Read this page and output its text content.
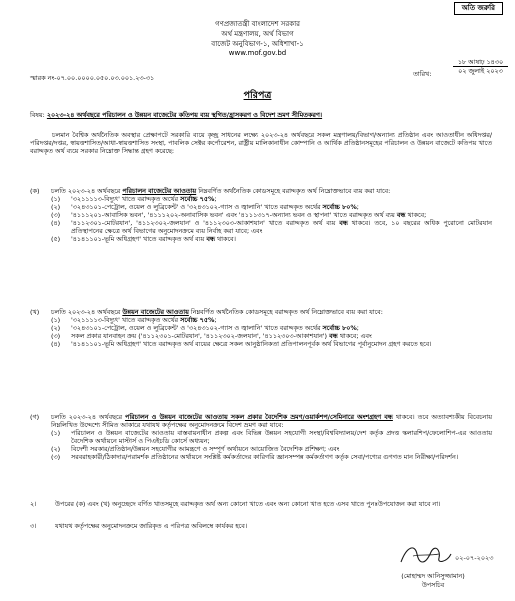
অতি জরুরি
গণপ্রজাতন্ত্রী বাংলাদেশ সরকার
অর্থ মন্ত্রণালয়, অর্থ বিভাগ
বাজেট অনুবিভাগ-১, অধিশাখা-১
www.mof.gov.bd
তারিখ:
১৮ আষাঢ় ১৪৩০
০২ জুলাই ২০২৩
স্মারক নং-০৭.০০.০০০০.০৫০.০৩.০০১.২৩-৩১
পরিপত্র
বিষয়: ২০২৩-২৪ অর্থবছরে পরিচালন ও উন্নয়ন বাজেটের কতিপয় ব্যয় স্থগিত/হ্রাসকরণ ও বিদেশ ভ্রমণ সীমিতকরণ।
চলমান বৈশ্বিক অর্থনৈতিক অবস্থার প্রেক্ষাপটে সরকারি ব্যয়ে কৃচ্ছ্র সাধনের লক্ষ্যে ২০২৩-২৪ অর্থবছরে সকল মন্ত্রণালয়/বিভাগ/অন্যান্য প্রতিষ্ঠান এবং আওতাধীন অধিদপ্তর/পরিদপ্তর/দপ্তর, স্বায়ত্তশাসিত/আধা-স্বায়ত্তশাসিত সংস্থা, পাবলিক সেক্টর কর্পোরেশন, রাষ্ট্রীয় মালিকানাধীন কোম্পানি ও আর্থিক প্রতিষ্ঠানসমূহের পরিচালন ও উন্নয়ন বাজেটে কতিপয় খাতে বরাদ্দকৃত অর্থ ব্যয়ে সরকার নিম্নোক্ত সিদ্ধান্ত গ্রহণ করেছে:
(ক)	চলতি ২০২৩-২৪ অর্থবছরে পরিচালন বাজেটের আওতায় নিম্নবর্ণিত অর্থনৈতিক কোডসমূহে বরাদ্দকৃত অর্থ নিম্নোক্তভাবে ব্যয় করা যাবে:
(১) '৩২১১১১৩-বিদ্যুৎ' খাতে বরাদ্দকৃত অর্থের সর্বোচ্চ ৭৫%;
(২) '৩২৪৩১০১-পেট্রোল, ওয়েল ও লুব্রিকেন্ট' ও '৩২৪৩১০২-গ্যাস ও জ্বালানি' খাতে বরাদ্দকৃত অর্থের সর্বোচ্চ ৮০%;
(৩) '৪১১১২০১-আবাসিক ভবন', '৪১১১২০২-অনাবাসিক ভবন' এবং '৪১১১৩১৭-অন্যান্য ভবন ও স্থাপনা' খাতে বরাদ্দকৃত অর্থ ব্যয় বন্ধ থাকবে;
(৪) '৪১১২৩০১-মোটরযান', '৪১১২৩০২-জলযান' ও '৪১১২৩০৩-আকাশযান' খাতে বরাদ্দকৃত অর্থ ব্যয় বন্ধ থাকবে। তবে, ১০ বছরের অধিক পুরোনো মোটরযান প্রতিস্থাপনের ক্ষেত্রে অর্থ বিভাগের অনুমোদনক্রমে ব্যয় নির্বাহ করা যাবে; এবং
(৫) '৪১৪১১০১-ভূমি অধিগ্রহণ' খাতে বরাদ্দকৃত অর্থ ব্যয় বন্ধ থাকবে।
(খ)	চলতি ২০২৩-২৪ অর্থবছরে উন্নয়ন বাজেটের আওতায় নিম্নবর্ণিত অর্থনৈতিক কোডসমূহে বরাদ্দকৃত অর্থ নিম্নোক্তভাবে ব্যয় করা যাবে:
(১) '৩২১১১১৩-বিদ্যুৎ' খাতে বরাদ্দকৃত অর্থের সর্বোচ্চ ৭৫%;
(২) '৩২৪৩১০১-পেট্রোল, ওয়েল ও লুব্রিকেন্ট' ও '৩২৪৩১০২-গ্যাস ও জ্বালানি' খাতে বরাদ্দকৃত অর্থের সর্বোচ্চ ৮০%;
(৩) সকল প্রকার যানবাহন ক্রয় ('৪১১২৩০১-মোটরযান', '৪১১২৩০২-জলযান', '৪১১২৩০৩-আকাশযান') বন্ধ থাকবে; এবং
(৪) '৪১৪১১০১-ভূমি অধিগ্রহণ' খাতে বরাদ্দকৃত অর্থ ব্যয়ের ক্ষেত্রে সকল আনুষ্ঠানিকতা প্রতিপালনপূর্বক অর্থ বিভাগের পূর্বানুমোদন গ্রহণ করতে হবে।
(গ)	চলতি ২০২৩-২৪ অর্থবছরে পরিচালন ও উন্নয়ন বাজেটের আওতায় সকল প্রকার বৈদেশিক ভ্রমণ/ওয়ার্কশপ/সেমিনারে অংশগ্রহণ বন্ধ থাকবে। তবে অত্যাবশ্যকীয় বিবেচনায় নিম্নলিখিত উদ্দেশ্যে সীমিত আকারে যথাযথ কর্তৃপক্ষের অনুমোদনক্রমে বিদেশ ভ্রমণ করা যাবে:
(১) পরিচালন ও উন্নয়ন বাজেটের আওতায় বাস্তবায়নাধীন প্রকল্প এবং বিভিন্ন উন্নয়ন সহযোগী সংস্থা/বিশ্ববিদ্যালয়/দেশ কর্তৃক প্রদত্ত স্কলারশিপ/ফেলোশিপ-এর আওতায় বৈদেশিক অর্থায়নে মাস্টার্স ও পিএইচডি কোর্সে অধ্যয়ন;
(২) বিদেশী সরকার/প্রতিষ্ঠান/উন্নয়ন সহযোগীর আমন্ত্রণে ও সম্পূর্ণ অর্থায়নে আয়োজিত বৈদেশিক প্রশিক্ষণ; এবং
(৩) সরবরাহকারী/ঠিকাদার/পরামর্শক প্রতিষ্ঠানের অর্থায়নে সংশ্লিষ্ট কর্মকর্তাদের কারিগরি জ্ঞানসম্পন্ন কর্মকর্তাগণ কর্তৃক সেবা/পণ্যের গুণগত মান নিরীক্ষা/পরিদর্শন।
২।	উপরের (ক) এবং (খ) অনুচ্ছেদে বর্ণিত খাতসমূহে বরাদ্দকৃত অর্থ অন্য কোনো খাতে এবং অন্য কোনো খাত হতে এসব খাতে পুনঃউপযোজন করা যাবে না।
৩।	যথাযথ কর্তৃপক্ষের অনুমোদনক্রমে জারিকৃত এ পরিপত্র অবিলম্বে কার্যকর হবে।
০২-০৭-২০২৩
(মোহাম্মদ আনিসুজ্জামান)
উপসচিব
